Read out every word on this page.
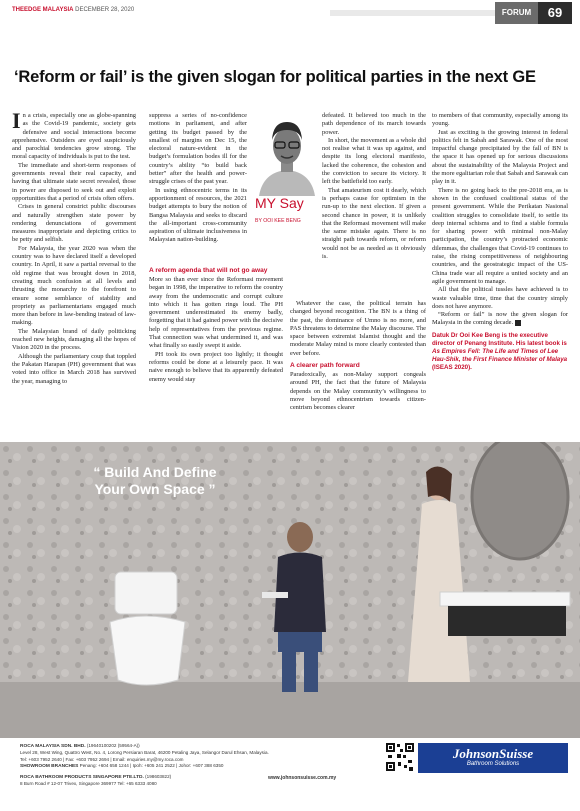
THEEDGE MALAYSIA DECEMBER 28, 2020	FORUM	69
‘Reform or fail’ is the given slogan for political parties in the next GE
I n a crisis, especially one as globe-spanning as the Covid-19 pandemic, society gets defensive and social interactions become apprehensive. Outsiders are eyed suspiciously and parochial tendencies grow strong. The moral capacity of individuals is put to the test.

The immediate and short-term responses of governments reveal their real capacity, and having that ultimate state secret revealed, those in power are disposed to seek out and exploit opportunities that a period of crisis often offers.

Crises in general constrict public discourses and naturally strengthen state power by rendering denunciations of government measures inappropriate and depicting critics to be petty and selfish.

For Malaysia, the year 2020 was when the country was to have declared itself a developed country. In April, it saw a partial reversal to the old regime that was brought down in 2018, creating much confusion at all levels and thrusting the monarchy to the forefront to ensure some semblance of stability and propriety as parliamentarians engaged much more than before in law-bending instead of law-making.

The Malaysian brand of daily politicking reached new heights, damaging all the hopes of Vision 2020 in the process.

Although the parliamentary coup that toppled the Pakatan Harapan (PH) government that was voted into office in March 2018 has survived the year, managing to

suppress a series of no-confidence motions in parliament, and after getting its budget passed by the smallest of margins on Dec 15, the electoral nature-evident in the budget’s formulation bodes ill for the country’s ability “to build back better” after the health and power-struggle crises of the past year.

In using ethnocentric terms in its apportionment of resources, the 2021 budget attempts to bury the notion of Bangsa Malaysia and seeks to discard the all-important cross-community aspiration of ultimate inclusiveness in Malaysian nation-building.

A reform agenda that will not go away

More so than ever since the Reformasi movement began in 1998, the imperative to reform the country away from the undemocratic and corrupt culture into which it has gotten rings loud. The PH government underestimated its enemy badly, forgetting that it had gained power with the decisive help of representatives from the previous regime. That connection was what undermined it, and was what finally so easily swept it aside.

PH took its own project too lightly; it thought reforms could be done at a leisurely pace. It was naive enough to believe that its apparently defeated enemy would stay

MY Say
BY OOI KEE BENG

defeated. It believed too much in the path dependence of its march towards power.

In short, the movement as a whole did not realise what it was up against, and despite its long electoral manifesto, lacked the coherence, the cohesion and the conviction to secure its victory. It left the battlefield too early.

That amateurism cost it dearly, which is perhaps cause for optimism in the run-up to the next election. If given a second chance in power, it is unlikely that the Reformasi movement will make the same mistake again. There is no straight path towards reform, or reform would not be as needed as it obviously is.

Whatever the case, the political terrain has changed beyond recognition. The BN is a thing of the past, the dominance of Umno is no more, and PAS threatens to determine the Malay discourse. The space between extremist Islamist thought and the moderate Malay mind is more clearly contested than ever before.

A clearer path forward

Paradoxically, as non-Malay support congeals around PH, the fact that the future of Malaysia depends on the Malay community’s willingness to move beyond ethnocentrism towards citizen-centrism becomes clearer

to members of that community, especially among its young.

Just as exciting is the growing interest in federal politics felt in Sabah and Sarawak. One of the most impactful change precipitated by the fall of BN is the space it has opened up for serious discussions about the sustainability of the Malaysia Project and the more egalitarian role that Sabah and Sarawak can play in it.

There is no going back to the pre-2018 era, as is shown in the confused coalitional status of the present government. While the Perikatan Nasional coalition struggles to consolidate itself, to settle its deep internal schisms and to find a stable formula for sharing power with minimal non-Malay participation, the country’s protracted economic dilemmas, the challenges that Covid-19 continues to raise, the rising competitiveness of neighbouring countries, and the geostrategic impact of the US-China trade war all require a united society and an agile government to manage.

All that the political tussles have achieved is to waste valuable time, time that the country simply does not have anymore.

“Reform or fail” is now the given slogan for Malaysia in the coming decade. E

Datuk Dr Ooi Kee Beng is the executive director of Penang Institute. His latest book is As Empires Fell: The Life and Times of Lee Hau-Shik, the First Finance Minister of Malaya (ISEAS 2020).
“ Build And Define
Your Own Space ”
ROCA MALAYSIA SDN. BHD. (19640100202 (59564-A))
Level 28, West Wing, Quattro West, No. 4, Lorong Persiaran Barat, 46200 Petaling Jaya, Selangor Darul Ehsan, Malaysia.
Tel: +603 7952 2640 | Fax: +603 7952 2694 | Email: enquiries.my@my.roca.com
SHOWROOM BRANCHES Penang: +604 658 1244 | Ipoh: +605 241 2522 | Johor: +607 388 6350
ROCA BATHROOM PRODUCTS SINGAPORE PTE.LTD. (198603822)
8 Burn Road # 12-07 Trivex, Singapore 369977 Tel: +65 6333 4080
www.johnsonsuisse.com.my
JohnsonSuisse
Bathroom Solutions
